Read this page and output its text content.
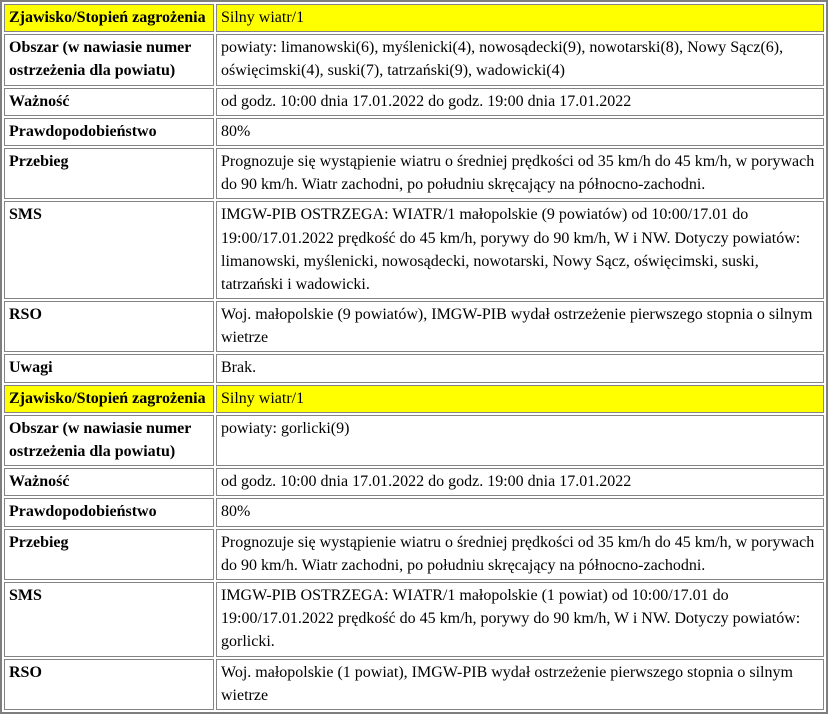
Zjawisko/Stopień zagrożenia	Silny wiatr/1
Obszar (w nawiasie numer ostrzeżenia dla powiatu)	powiaty: limanowski(6), myślenicki(4), nowosądecki(9), nowotarski(8), Nowy Sącz(6), oświęcimski(4), suski(7), tatrzański(9), wadowicki(4)
Ważność	od godz. 10:00 dnia 17.01.2022 do godz. 19:00 dnia 17.01.2022
Prawdopodobieństwo	80%
Przebieg	Prognozuje się wystąpienie wiatru o średniej prędkości od 35 km/h do 45 km/h, w porywach do 90 km/h. Wiatr zachodni, po południu skręcający na północno-zachodni.
SMS	IMGW-PIB OSTRZEGA: WIATR/1 małopolskie (9 powiatów) od 10:00/17.01 do 19:00/17.01.2022 prędkość do 45 km/h, porywy do 90 km/h, W i NW. Dotyczy powiatów: limanowski, myślenicki, nowosądecki, nowotarski, Nowy Sącz, oświęcimski, suski, tatrzański i wadowicki.
RSO	Woj. małopolskie (9 powiatów), IMGW-PIB wydał ostrzeżenie pierwszego stopnia o silnym wietrze
Uwagi	Brak.
Zjawisko/Stopień zagrożenia	Silny wiatr/1
Obszar (w nawiasie numer ostrzeżenia dla powiatu)	powiaty: gorlicki(9)
Ważność	od godz. 10:00 dnia 17.01.2022 do godz. 19:00 dnia 17.01.2022
Prawdopodobieństwo	80%
Przebieg	Prognozuje się wystąpienie wiatru o średniej prędkości od 35 km/h do 45 km/h, w porywach do 90 km/h. Wiatr zachodni, po południu skręcający na północno-zachodni.
SMS	IMGW-PIB OSTRZEGA: WIATR/1 małopolskie (1 powiat) od 10:00/17.01 do 19:00/17.01.2022 prędkość do 45 km/h, porywy do 90 km/h, W i NW. Dotyczy powiatów: gorlicki.
RSO	Woj. małopolskie (1 powiat), IMGW-PIB wydał ostrzeżenie pierwszego stopnia o silnym wietrze
